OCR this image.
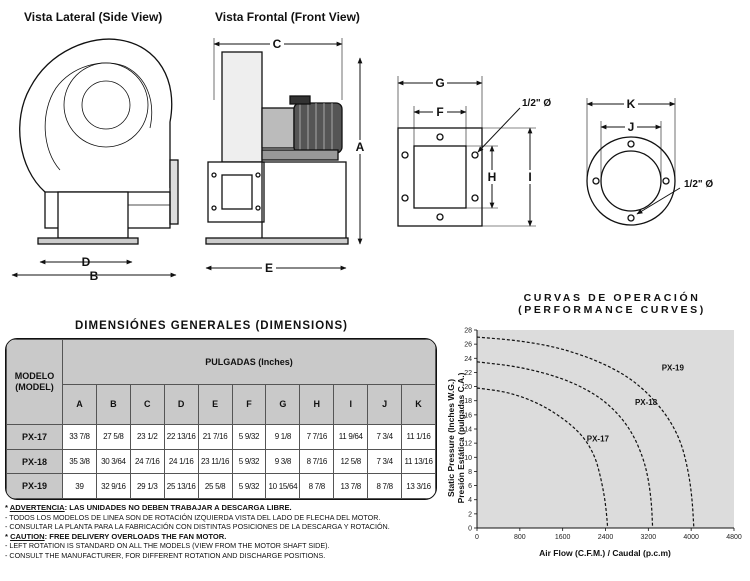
Vista Lateral (Side View)	Vista Frontal (Front View)
D
B
C
A
E
G
F
H	I
1/2" Ø	K
J
1/2" Ø
DIMENSIÓNES GENERALES (DIMENSIONS)
MODELO
(MODEL)	PULGADAS (Inches)										
	A	B	C	D	E	F	G	H	I	J	K
PX-17	33 7/8	27 5/8	23 1/2	22 13/16	21 7/16	5 9/32	9 1/8	7 7/16	11 9/64	7 3/4	11 1/16
PX-18	35 3/8	30 3/64	24 7/16	24 1/16	23 11/16	5 9/32	9 3/8	8 7/16	12 5/8	7 3/4	11 13/16
PX-19	39	32 9/16	29 1/3	25 13/16	25 5/8	5 9/32	10 15/64	8 7/8	13 7/8	8 7/8	13 3/16
* ADVERTENCIA: LAS UNIDADES NO DEBEN TRABAJAR A DESCARGA LIBRE.
- TODOS LOS MODELOS DE LINEA SON DE ROTACIÓN IZQUIERDA VISTA DEL LADO DE FLECHA DEL MOTOR.
- CONSULTAR LA PLANTA PARA LA FABRICACIÓN CON DISTINTAS POSICIONES DE LA DESCARGA Y ROTACIÓN.
* CAUTION: FREE DELIVERY OVERLOADS THE FAN MOTOR.
- LEFT ROTATION IS STANDARD ON ALL THE MODELS (VIEW FROM THE MOTOR SHAFT SIDE).
- CONSULT THE MANUFACTURER, FOR DIFFERENT ROTATION AND DISCHARGE POSITIONS.
CURVAS DE OPERACIÓN
(PERFORMANCE CURVES)
0	800	1600	2400	3200	4000	4800
0
2
4
6
8
10
12
14
16
18
20
22
24
26
28
PX-19
PX-18
PX-17
Air Flow (C.F.M.) / Caudal (p.c.m)
Static Pressure (Inches W.G.) Presión Estática (pulgadas C.A.)
